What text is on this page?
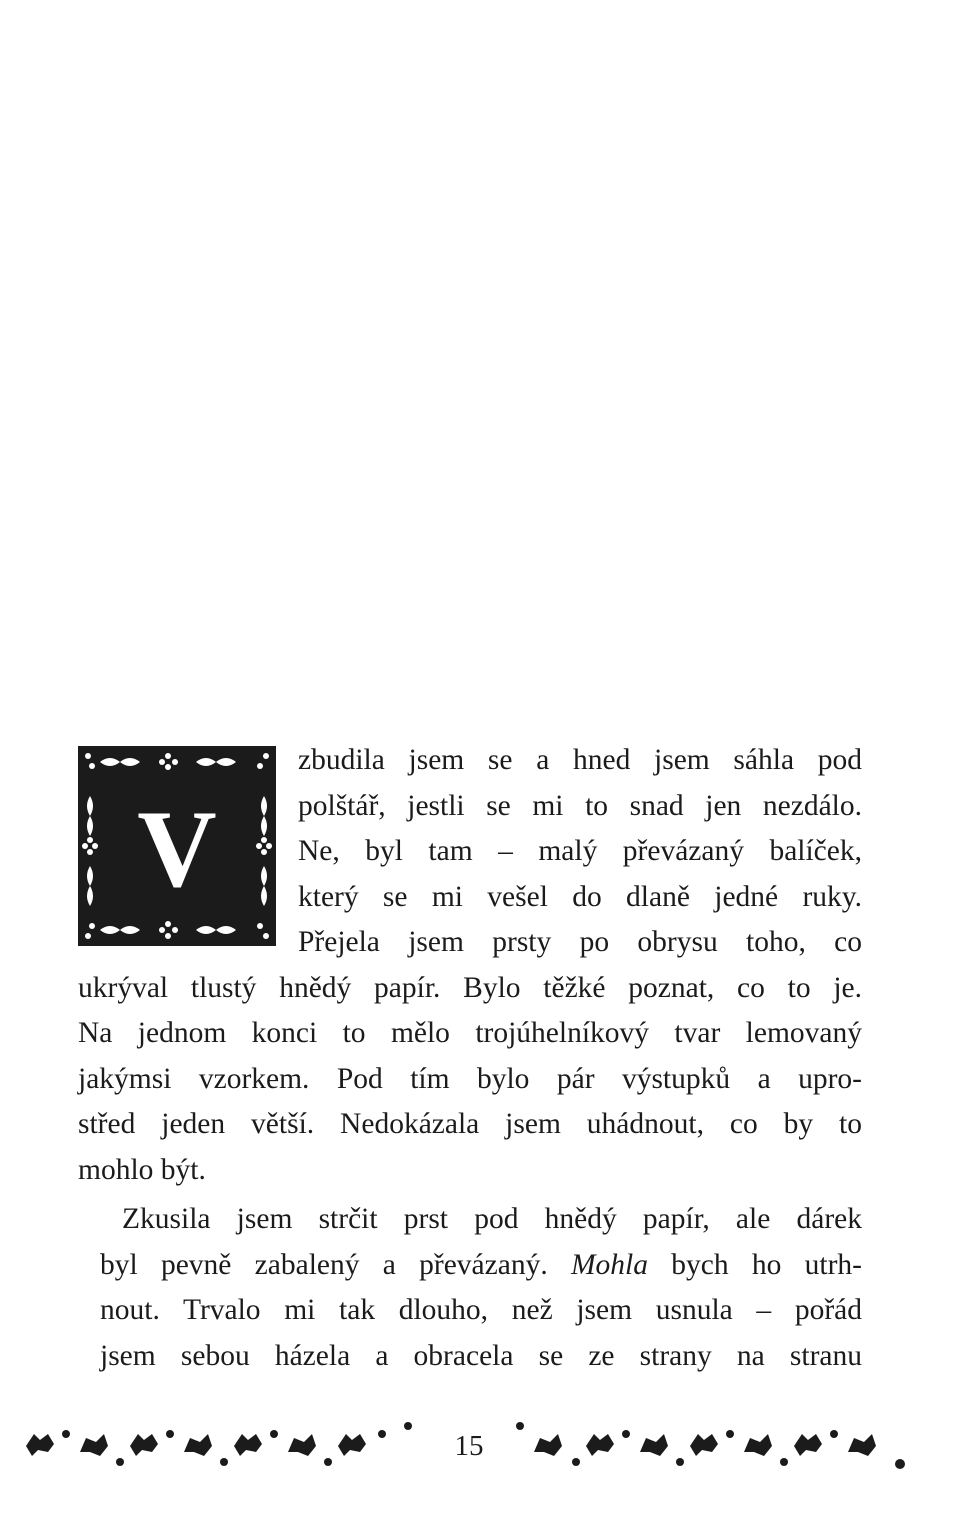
V

zbudila jsem se a hned jsem sáhla pod
polštář, jestli se mi to snad jen nezdálo.
Ne, byl tam – malý převázaný balíček,
který se mi vešel do dlaně jedné ruky.
Přejela jsem prsty po obrysu toho, co
ukrýval tlustý hnědý papír. Bylo těžké poznat, co to je.
Na jednom konci to mělo trojúhelníkový tvar lemovaný
jakýmsi vzorkem. Pod tím bylo pár výstupků a upro-
střed jeden větší. Nedokázala jsem uhádnout, co by to
mohlo být.

Zkusila jsem strčit prst pod hnědý papír, ale dárek
byl pevně zabalený a převázaný. Mohla bych ho utrh-
nout. Trvalo mi tak dlouho, než jsem usnula – pořád
jsem sebou házela a obracela se ze strany na stranu

15
